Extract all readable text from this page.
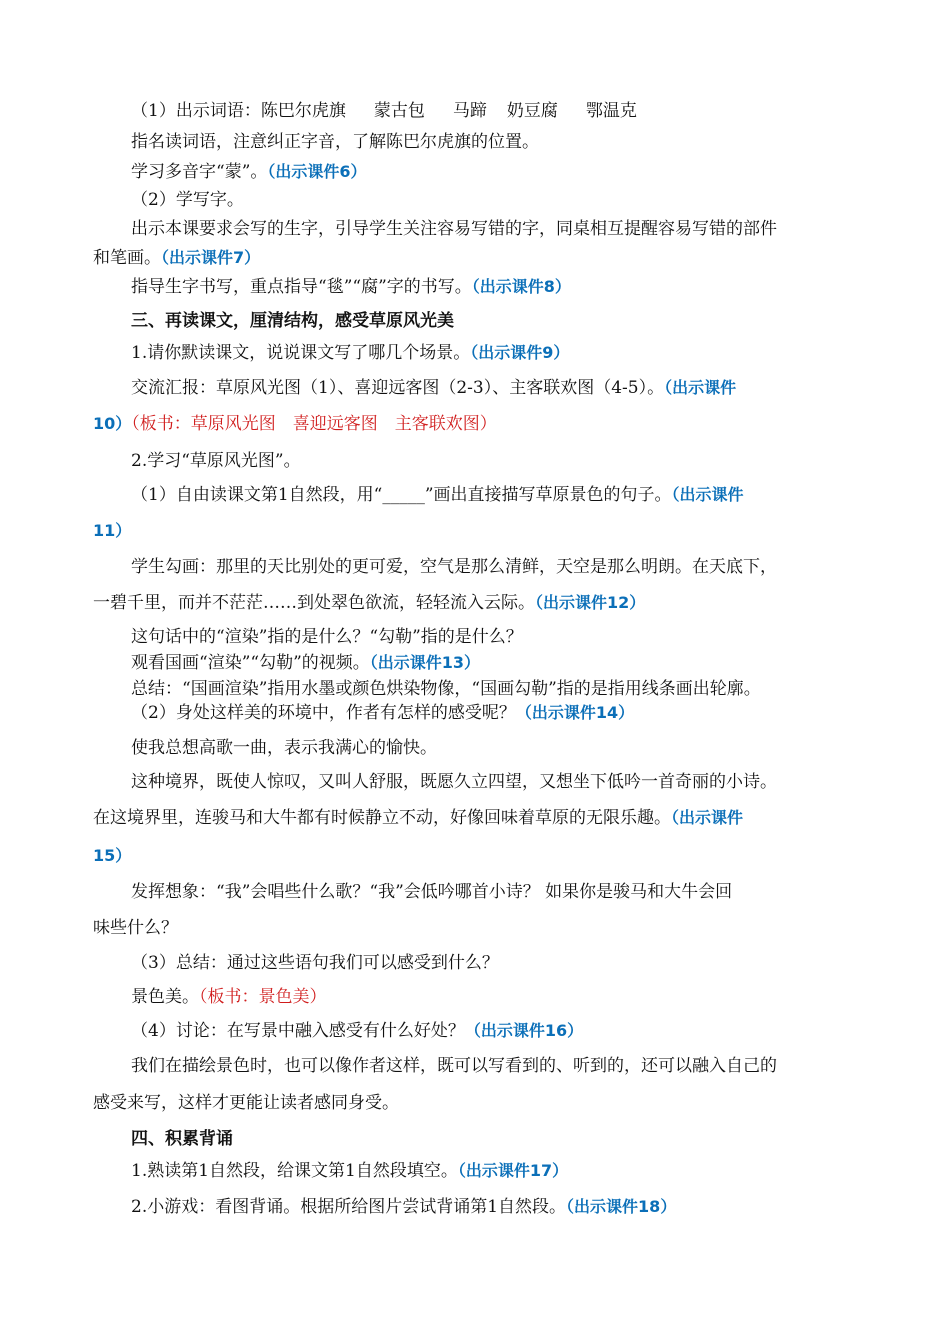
（1）出示词语：陈巴尔虎旗 蒙古包 马蹄 奶豆腐 鄂温克
指名读词语，注意纠正字音，了解陈巴尔虎旗的位置。
学习多音字“蒙”。（出示课件6）
（2）学写字。
出示本课要求会写的生字，引导学生关注容易写错的字，同桌相互提醒容易写错的部件
和笔画。（出示课件7）
指导生字书写，重点指导“毯”“腐”字的书写。（出示课件8）
三、再读课文，厘清结构，感受草原风光美
1.请你默读课文，说说课文写了哪几个场景。（出示课件9）
交流汇报：草原风光图（1）、喜迎远客图（2-3）、主客联欢图（4-5）。（出示课件
10）（板书：草原风光图　喜迎远客图　主客联欢图）
2.学习“草原风光图”。
（1）自由读课文第1自然段，用“_____”画出直接描写草原景色的句子。（出示课件
11）
学生勾画：那里的天比别处的更可爱，空气是那么清鲜，天空是那么明朗。在天底下，
一碧千里，而并不茫茫……到处翠色欲流，轻轻流入云际。（出示课件12）
这句话中的“渲染”指的是什么？“勾勒”指的是什么？
观看国画“渲染”“勾勒”的视频。（出示课件13）
总结：“国画渲染”指用水墨或颜色烘染物像，“国画勾勒”指的是指用线条画出轮廓。
（2）身处这样美的环境中，作者有怎样的感受呢？（出示课件14）
使我总想高歌一曲，表示我满心的愉快。
这种境界，既使人惊叹，又叫人舒服，既愿久立四望，又想坐下低吟一首奇丽的小诗。
在这境界里，连骏马和大牛都有时候静立不动，好像回味着草原的无限乐趣。（出示课件
15）
发挥想象：“我”会唱些什么歌？“我”会低吟哪首小诗？ 如果你是骏马和大牛会回
味些什么？
（3）总结：通过这些语句我们可以感受到什么？
景色美。（板书：景色美）
（4）讨论：在写景中融入感受有什么好处？（出示课件16）
我们在描绘景色时，也可以像作者这样，既可以写看到的、听到的，还可以融入自己的
感受来写，这样才更能让读者感同身受。
四、积累背诵
1.熟读第1自然段，给课文第1自然段填空。（出示课件17）
2.小游戏：看图背诵。根据所给图片尝试背诵第1自然段。（出示课件18）
